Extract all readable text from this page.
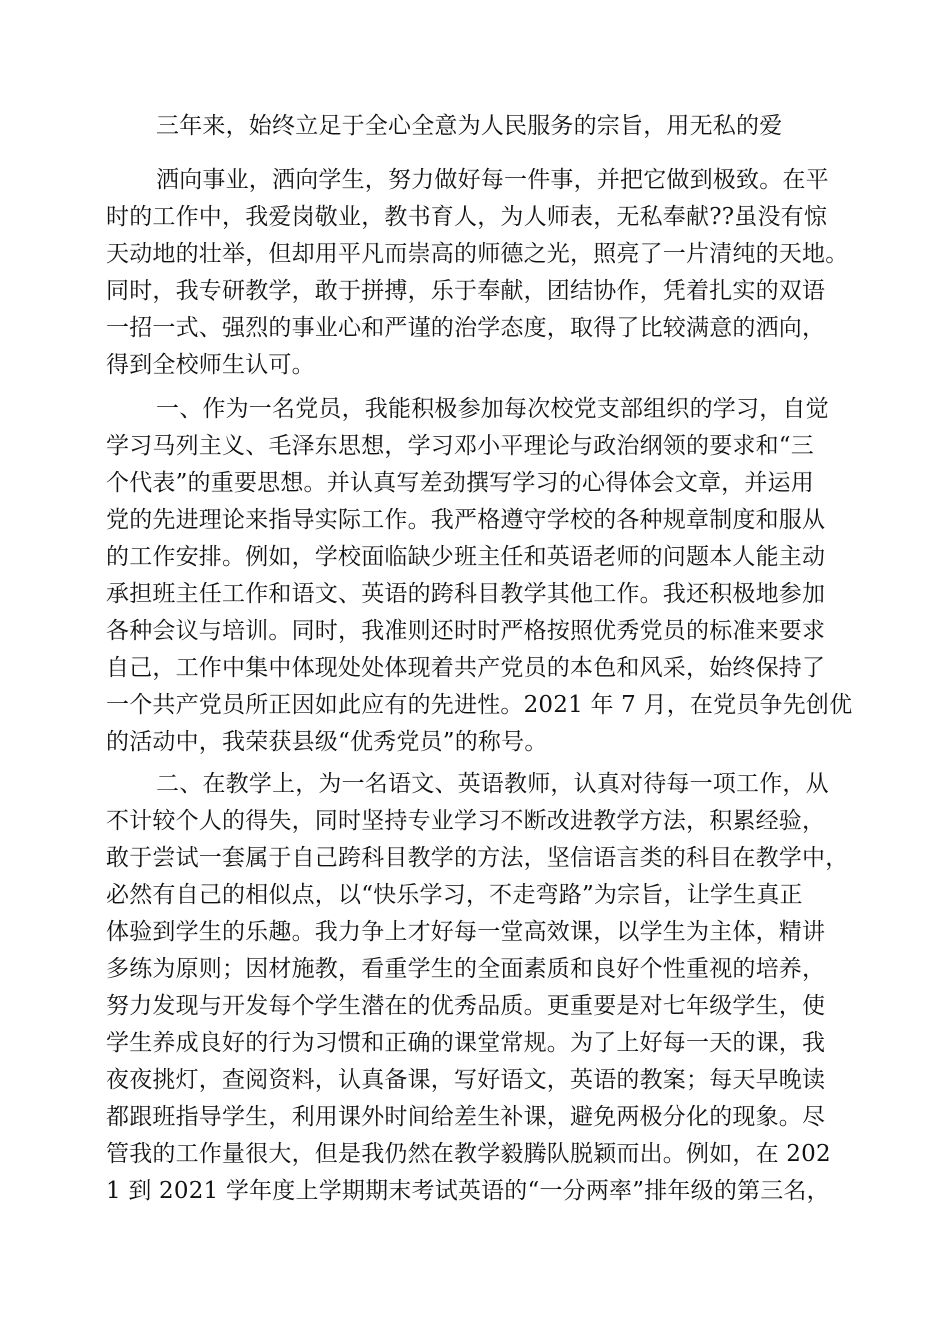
三年来，始终立足于全心全意为人民服务的宗旨，用无私的爱
洒向事业，洒向学生，努力做好每一件事，并把它做到极致。在平
时的工作中，我爱岗敬业，教书育人，为人师表，无私奉献??虽没有惊
天动地的壮举，但却用平凡而崇高的师德之光，照亮了一片清纯的天地。
同时，我专研教学，敢于拼搏，乐于奉献，团结协作，凭着扎实的双语
一招一式、强烈的事业心和严谨的治学态度，取得了比较满意的洒向，
得到全校师生认可。
一、作为一名党员，我能积极参加每次校党支部组织的学习，自觉
学习马列主义、毛泽东思想，学习邓小平理论与政治纲领的要求和“三
个代表”的重要思想。并认真写差劲撰写学习的心得体会文章，并运用
党的先进理论来指导实际工作。我严格遵守学校的各种规章制度和服从
的工作安排。例如，学校面临缺少班主任和英语老师的问题本人能主动
承担班主任工作和语文、英语的跨科目教学其他工作。我还积极地参加
各种会议与培训。同时，我准则还时时严格按照优秀党员的标准来要求
自己，工作中集中体现处处体现着共产党员的本色和风采，始终保持了
一个共产党员所正因如此应有的先进性。2021 年 7 月，在党员争先创优
的活动中，我荣获县级“优秀党员”的称号。
二、在教学上，为一名语文、英语教师，认真对待每一项工作，从
不计较个人的得失，同时坚持专业学习不断改进教学方法，积累经验，
敢于尝试一套属于自己跨科目教学的方法，坚信语言类的科目在教学中，
必然有自己的相似点，以“快乐学习，不走弯路”为宗旨，让学生真正
体验到学生的乐趣。我力争上才好每一堂高效课，以学生为主体，精讲
多练为原则；因材施教，看重学生的全面素质和良好个性重视的培养，
努力发现与开发每个学生潜在的优秀品质。更重要是对七年级学生，使
学生养成良好的行为习惯和正确的课堂常规。为了上好每一天的课，我
夜夜挑灯，查阅资料，认真备课，写好语文，英语的教案；每天早晚读
都跟班指导学生，利用课外时间给差生补课，避免两极分化的现象。尽
管我的工作量很大，但是我仍然在教学毅腾队脱颖而出。例如，在 202
1 到 2021 学年度上学期期末考试英语的“一分两率”排年级的第三名，
